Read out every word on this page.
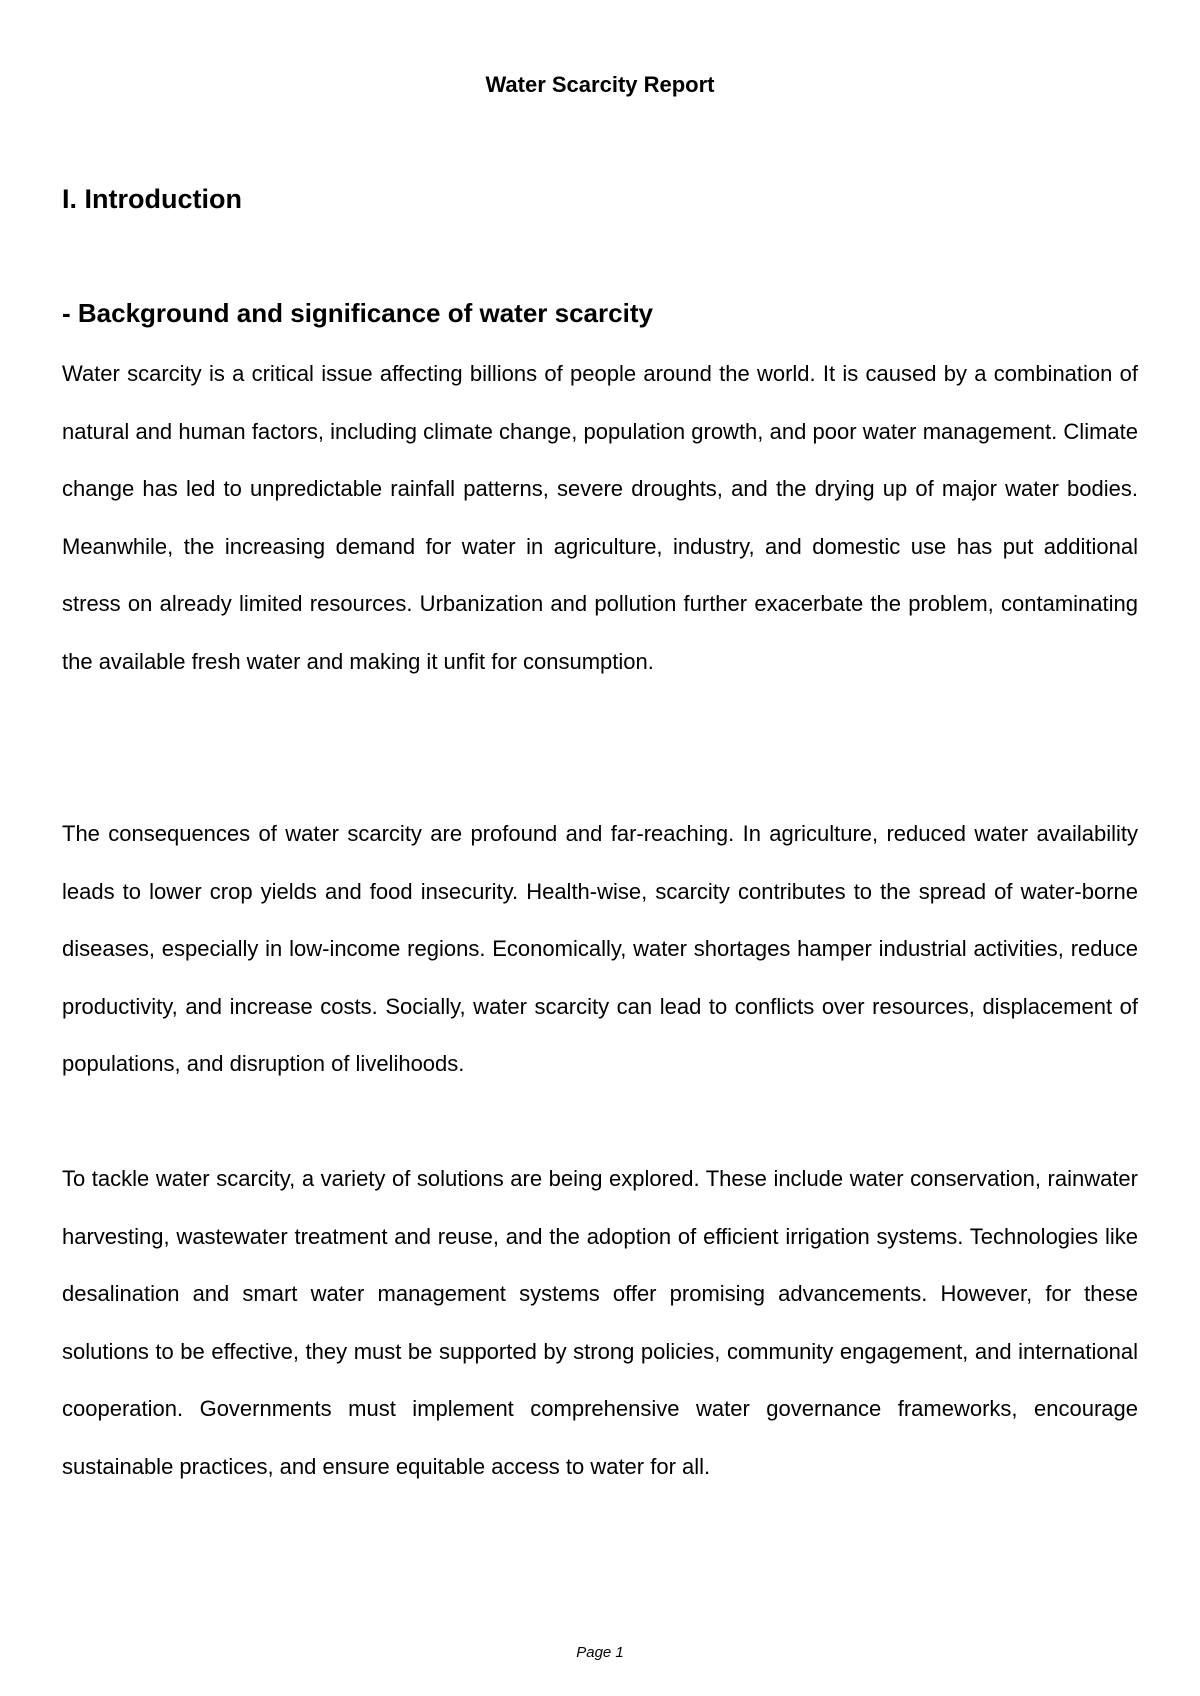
Water Scarcity Report
I. Introduction
- Background and significance of water scarcity

Water scarcity is a critical issue affecting billions of people around the world. It is caused by a combination of natural and human factors, including climate change, population growth, and poor water management. Climate change has led to unpredictable rainfall patterns, severe droughts, and the drying up of major water bodies. Meanwhile, the increasing demand for water in agriculture, industry, and domestic use has put additional stress on already limited resources. Urbanization and pollution further exacerbate the problem, contaminating the available fresh water and making it unfit for consumption.

The consequences of water scarcity are profound and far-reaching. In agriculture, reduced water availability leads to lower crop yields and food insecurity. Health-wise, scarcity contributes to the spread of water-borne diseases, especially in low-income regions. Economically, water shortages hamper industrial activities, reduce productivity, and increase costs. Socially, water scarcity can lead to conflicts over resources, displacement of populations, and disruption of livelihoods.

To tackle water scarcity, a variety of solutions are being explored. These include water conservation, rainwater harvesting, wastewater treatment and reuse, and the adoption of efficient irrigation systems. Technologies like desalination and smart water management systems offer promising advancements. However, for these solutions to be effective, they must be supported by strong policies, community engagement, and international cooperation. Governments must implement comprehensive water governance frameworks, encourage sustainable practices, and ensure equitable access to water for all.

Page 1
